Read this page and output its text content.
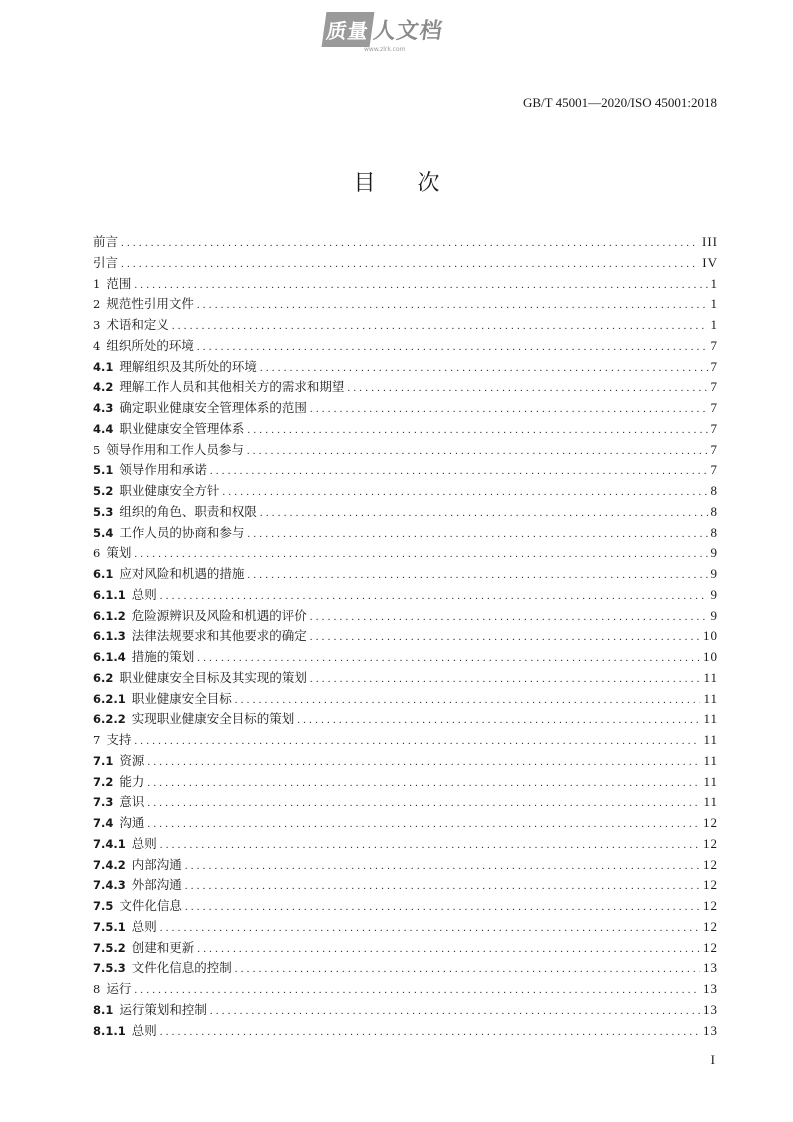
质量 人文档
www.zlrk.com
GB/T 45001—2020/ISO 45001:2018
目次
前言 .....	III
引言 .....	IV
1 范围 .....	1
2 规范性引用文件 .....	1
3 术语和定义 .....	1
4 组织所处的环境 .....	7
4.1 理解组织及其所处的环境 .....	7
4.2 理解工作人员和其他相关方的需求和期望 .....	7
4.3 确定职业健康安全管理体系的范围 .....	7
4.4 职业健康安全管理体系 .....	7
5 领导作用和工作人员参与 .....	7
5.1 领导作用和承诺 .....	7
5.2 职业健康安全方针 .....	8
5.3 组织的角色、职责和权限 .....	8
5.4 工作人员的协商和参与 .....	8
6 策划 .....	9
6.1 应对风险和机遇的措施 .....	9
6.1.1 总则 .....	9
6.1.2 危险源辨识及风险和机遇的评价 .....	9
6.1.3 法律法规要求和其他要求的确定 .....	10
6.1.4 措施的策划 .....	10
6.2 职业健康安全目标及其实现的策划 .....	11
6.2.1 职业健康安全目标 .....	11
6.2.2 实现职业健康安全目标的策划 .....	11
7 支持 .....	11
7.1 资源 .....	11
7.2 能力 .....	11
7.3 意识 .....	11
7.4 沟通 .....	12
7.4.1 总则 .....	12
7.4.2 内部沟通 .....	12
7.4.3 外部沟通 .....	12
7.5 文件化信息 .....	12
7.5.1 总则 .....	12
7.5.2 创建和更新 .....	12
7.5.3 文件化信息的控制 .....	13
8 运行 .....	13
8.1 运行策划和控制 .....	13
8.1.1 总则 .....	13
I
